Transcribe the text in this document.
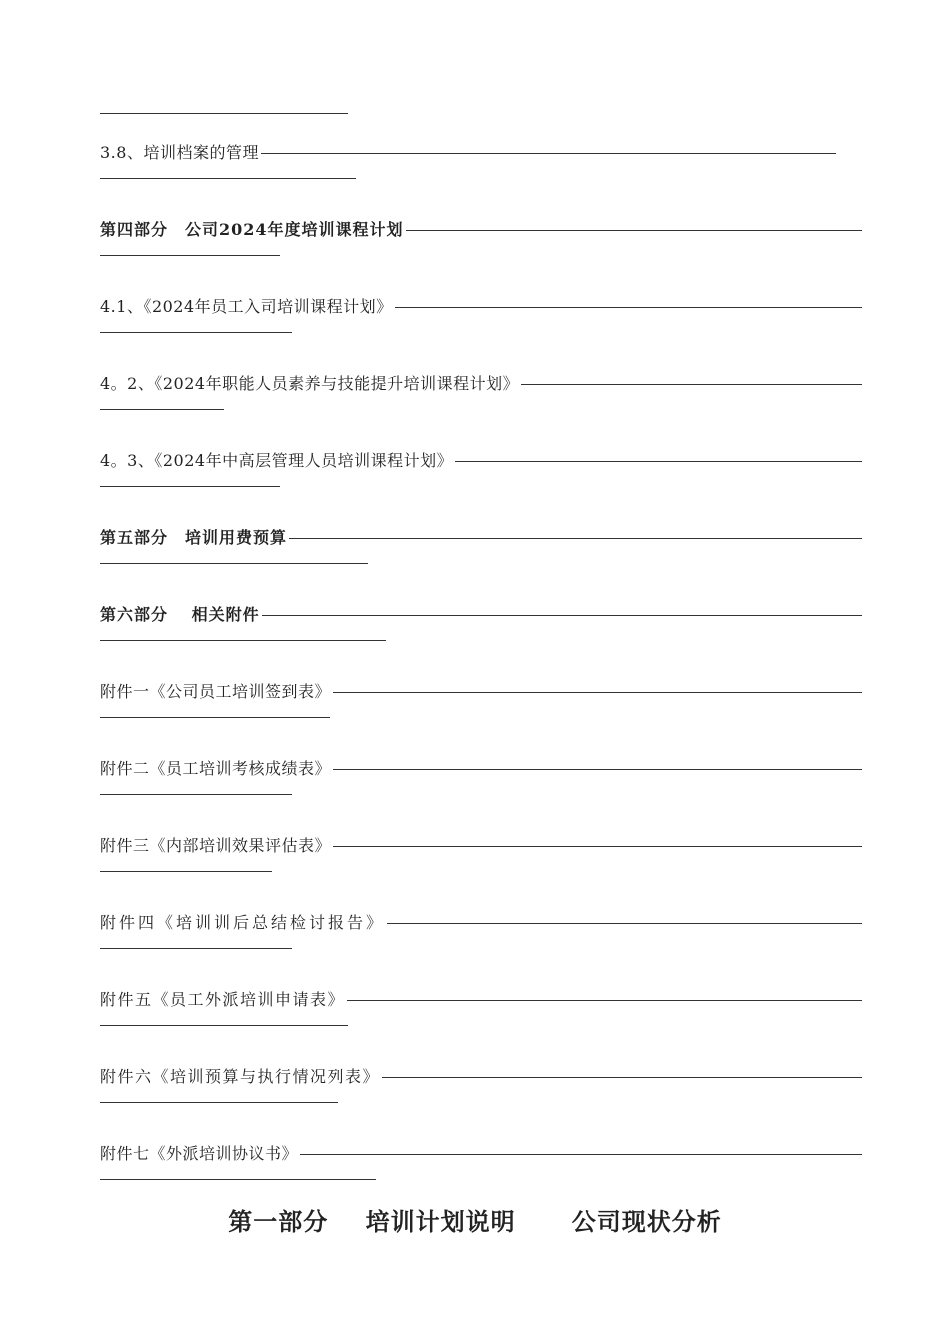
3.8、培训档案的管理
第四部分　公司2024年度培训课程计划
4.1、《2024年员工入司培训课程计划》
4。2、《2024年职能人员素养与技能提升培训课程计划》
4。3、《2024年中高层管理人员培训课程计划》
第五部分　培训用费预算
第六部分　 相关附件
附件一《公司员工培训签到表》
附件二《员工培训考核成绩表》
附件三《内部培训效果评估表》
附件四《培训训后总结检讨报告》
附件五《员工外派培训申请表》
附件六《培训预算与执行情况列表》
附件七《外派培训协议书》
第一部分 培训计划说明 公司现状分析
